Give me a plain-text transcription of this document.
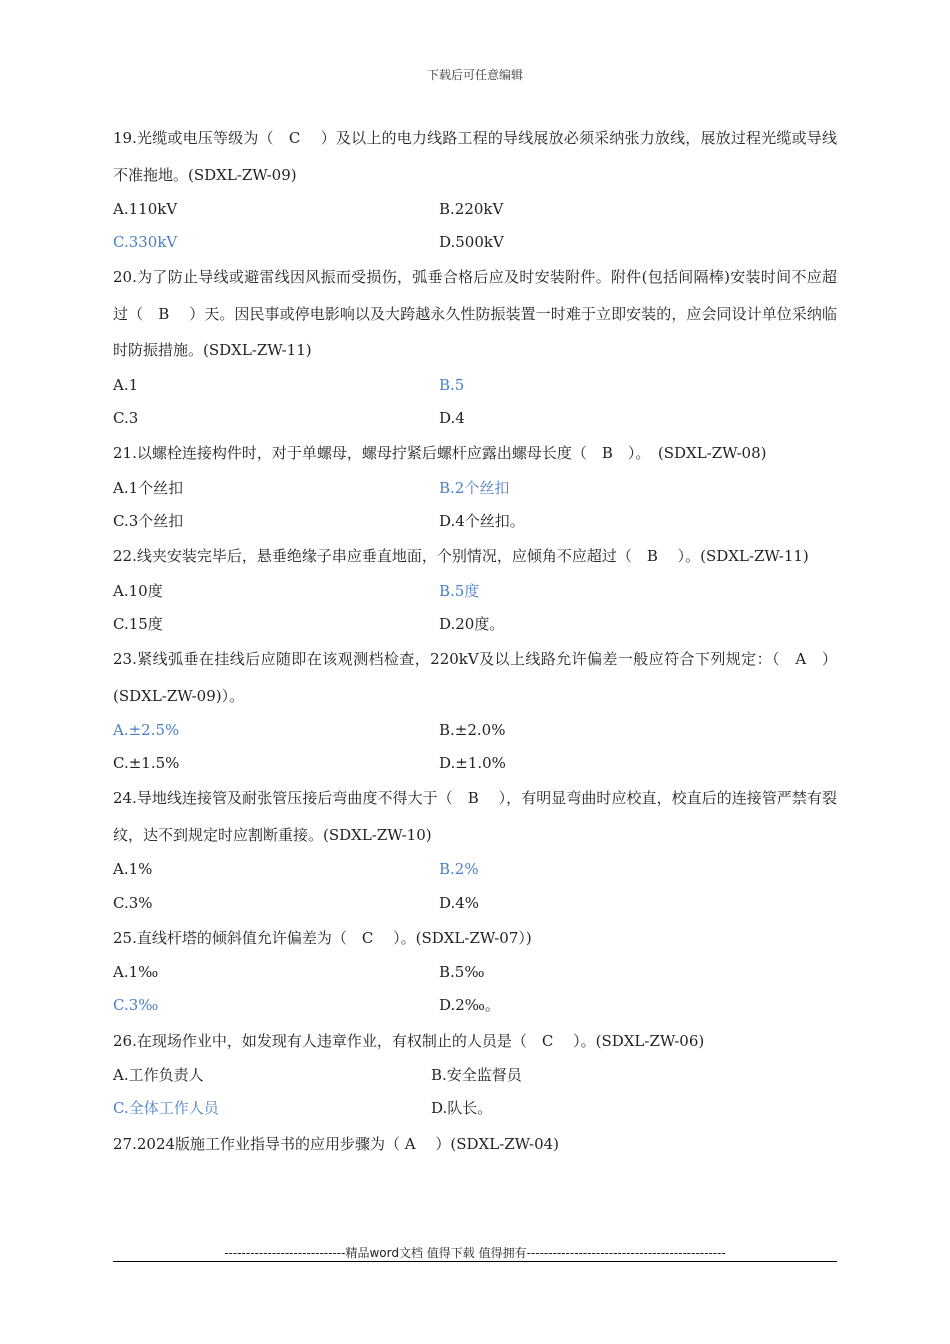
下载后可任意编辑

19.光缆或电压等级为（　C　 ）及以上的电力线路工程的导线展放必须采纳张力放线，展放过程光缆或导线不准拖地。(SDXL-ZW-09)

A.110kV	B.220kV
C.330kV	D.500kV

20.为了防止导线或避雷线因风振而受损伤，弧垂合格后应及时安装附件。附件(包括间隔棒)安装时间不应超过（　B　 ）天。因民事或停电影响以及大跨越永久性防振装置一时难于立即安装的，应会同设计单位采纳临时防振措施。(SDXL-ZW-11)

A.1	B.5
C.3	D.4

21.以螺栓连接构件时，对于单螺母，螺母拧紧后螺杆应露出螺母长度（　B　）。　(SDXL-ZW-08)

A.1个丝扣	B.2个丝扣
C.3个丝扣	D.4个丝扣。

22.线夹安装完毕后，悬垂绝缘子串应垂直地面，个别情况，应倾角不应超过（　B　 ）。(SDXL-ZW-11)

A.10度	B.5度
C.15度	D.20度。

23.紧线弧垂在挂线后应随即在该观测档检查，220kV及以上线路允许偏差一般应符合下列规定：（　A　）(SDXL-ZW-09)）。

A.±2.5%	B.±2.0%
C.±1.5%	D.±1.0%

24.导地线连接管及耐张管压接后弯曲度不得大于（　B　 ），有明显弯曲时应校直，校直后的连接管严禁有裂纹，达不到规定时应割断重接。(SDXL-ZW-10)

A.1%	B.2%
C.3%	D.4%

25.直线杆塔的倾斜值允许偏差为（　C　 ）。(SDXL-ZW-07）)

A.1‰	B.5‰
C.3‰	D.2‰。

26.在现场作业中，如发现有人违章作业，有权制止的人员是（　C　 ）。(SDXL-ZW-06)

A.工作负责人	B.安全监督员
C.全体工作人员	D.队长。

27.2024版施工作业指导书的应用步骤为（ A　 ）(SDXL-ZW-04)

----------------------------精品word文档 值得下载 值得拥有----------------------------------------------
